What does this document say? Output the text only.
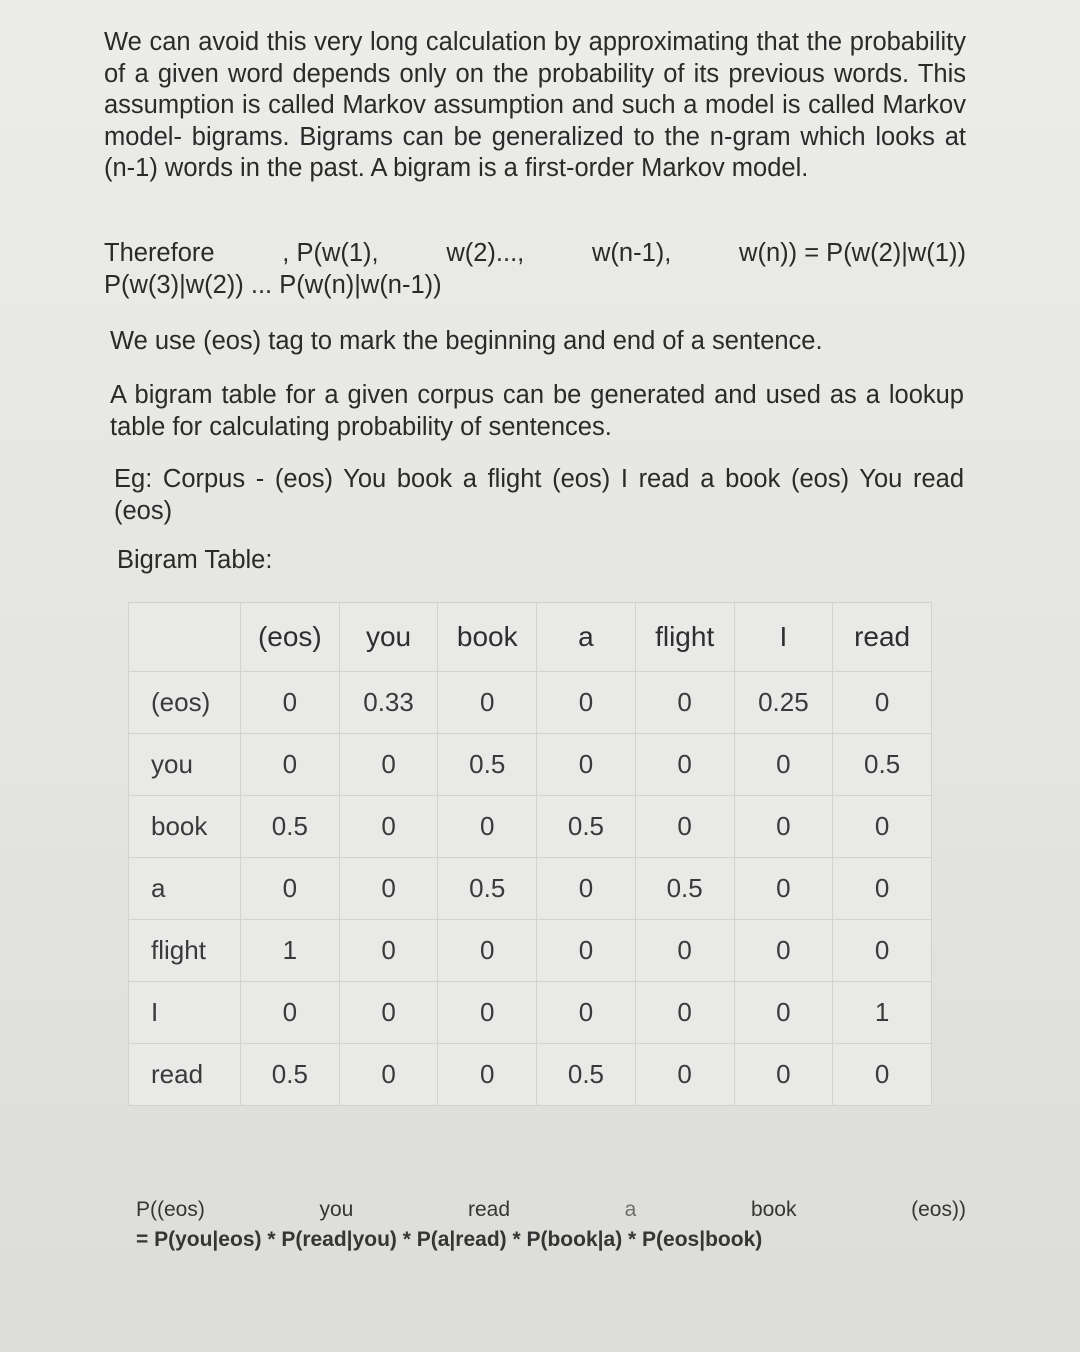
We can avoid this very long calculation by approximating that the probability of a given word depends only on the probability of its previous words. This assumption is called Markov assumption and such a model is called Markov model- bigrams. Bigrams can be generalized to the n-gram which looks at (n-1) words in the past. A bigram is a first-order Markov model.

Therefore	, P(w(1),	w(2)...,	w(n-1),	w(n)) = P(w(2)|w(1))
P(w(3)|w(2)) ... P(w(n)|w(n-1))

We use (eos) tag to mark the beginning and end of a sentence.

A bigram table for a given corpus can be generated and used as a lookup table for calculating probability of sentences.

Eg: Corpus - (eos) You book a flight (eos) I read a book (eos) You read (eos)

Bigram Table:

	(eos)	you	book	a	flight	I	read
(eos)	0	0.33	0	0	0	0.25	0
you	0	0	0.5	0	0	0	0.5
book	0.5	0	0	0.5	0	0	0
a	0	0	0.5	0	0.5	0	0
flight	1	0	0	0	0	0	0
I	0	0	0	0	0	0	1
read	0.5	0	0	0.5	0	0	0
P((eos)	you	read	a	book	(eos))
= P(you|eos) * P(read|you) * P(a|read) * P(book|a) * P(eos|book)
